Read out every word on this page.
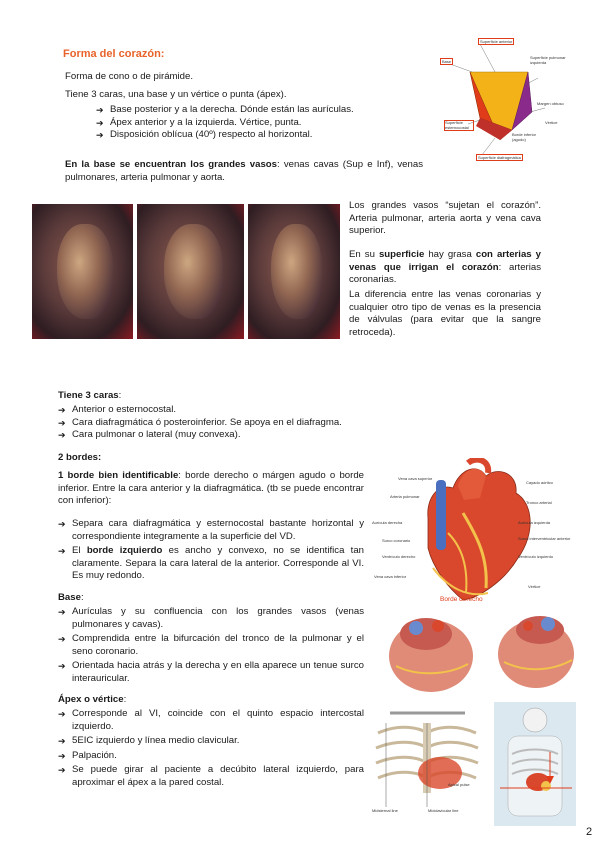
Forma del corazón:
Forma de cono o de pirámide.
Tiene 3 caras, una base y un vértice o punta (ápex).
➔ Base posterior y a la derecha. Dónde están las aurículas.
➔ Ápex anterior y a la izquierda. Vértice, punta.
➔ Disposición oblícua (40º) respecto al horizontal.
En la base se encuentran los grandes vasos: venas cavas (Sup e Inf), venas pulmonares, arteria pulmonar y aorta.
Superficie anterior
Base
Superficie pulmonar izquierda
Margen obtuso
Vértice
Superficie esternocostal
Borde inferior (agudo)
Superficie diafragmática
Los grandes vasos “sujetan el corazón”. Arteria pulmonar, arteria aorta y vena cava superior.
En su superficie hay grasa con arterias y venas que irrigan el corazón: arterias coronarias.
La diferencia entre las venas coronarias y cualquier otro tipo de venas es la presencia de válvulas (para evitar que la sangre retroceda).
Tiene 3 caras:
➔ Anterior o esternocostal.
➔ Cara diafragmática ó posteroinferior. Se apoya en el diafragma.
➔ Cara pulmonar o lateral (muy convexa).
2 bordes:
1 borde bien identificable: borde derecho o márgen agudo o borde inferior. Entre la cara anterior y la diafragmática. (tb se puede encontrar con inferior):
➔ Separa cara diafragmática y esternocostal bastante horizontal y correspondiente integramente a la superficie del VD.
➔ El borde izquierdo es ancho y convexo, no se identifica tan claramente. Separa la cara lateral de la anterior. Corresponde al VI. Es muy redondo.
Base:
➔ Aurículas y su confluencia con los grandes vasos (venas pulmonares y cavas).
➔ Comprendida entre la bifurcación del tronco de la pulmonar y el seno coronario.
➔ Orientada hacia atrás y la derecha y en ella aparece un tenue surco interauricular.
Ápex o vértice:
➔ Corresponde al VI, coincide con el quinto espacio intercostal izquierdo.
➔ 5EIC izquierdo y línea medio clavicular.
➔ Palpación.
➔ Se puede girar al paciente a decúbito lateral izquierdo, para aproximar el ápex a la pared costal.
Vena cava superior
Arteria pulmonar
Aurícula derecha
Surco coronario
Ventrículo derecho
Vena cava inferior
Cayado aórtico
Tronco arterial
Aurícula izquierda
Surco interventricular anterior
Ventrículo izquierdo
Vértice
Borde derecho
Apical pulse
Midsternal line	Midclavicular line
2
